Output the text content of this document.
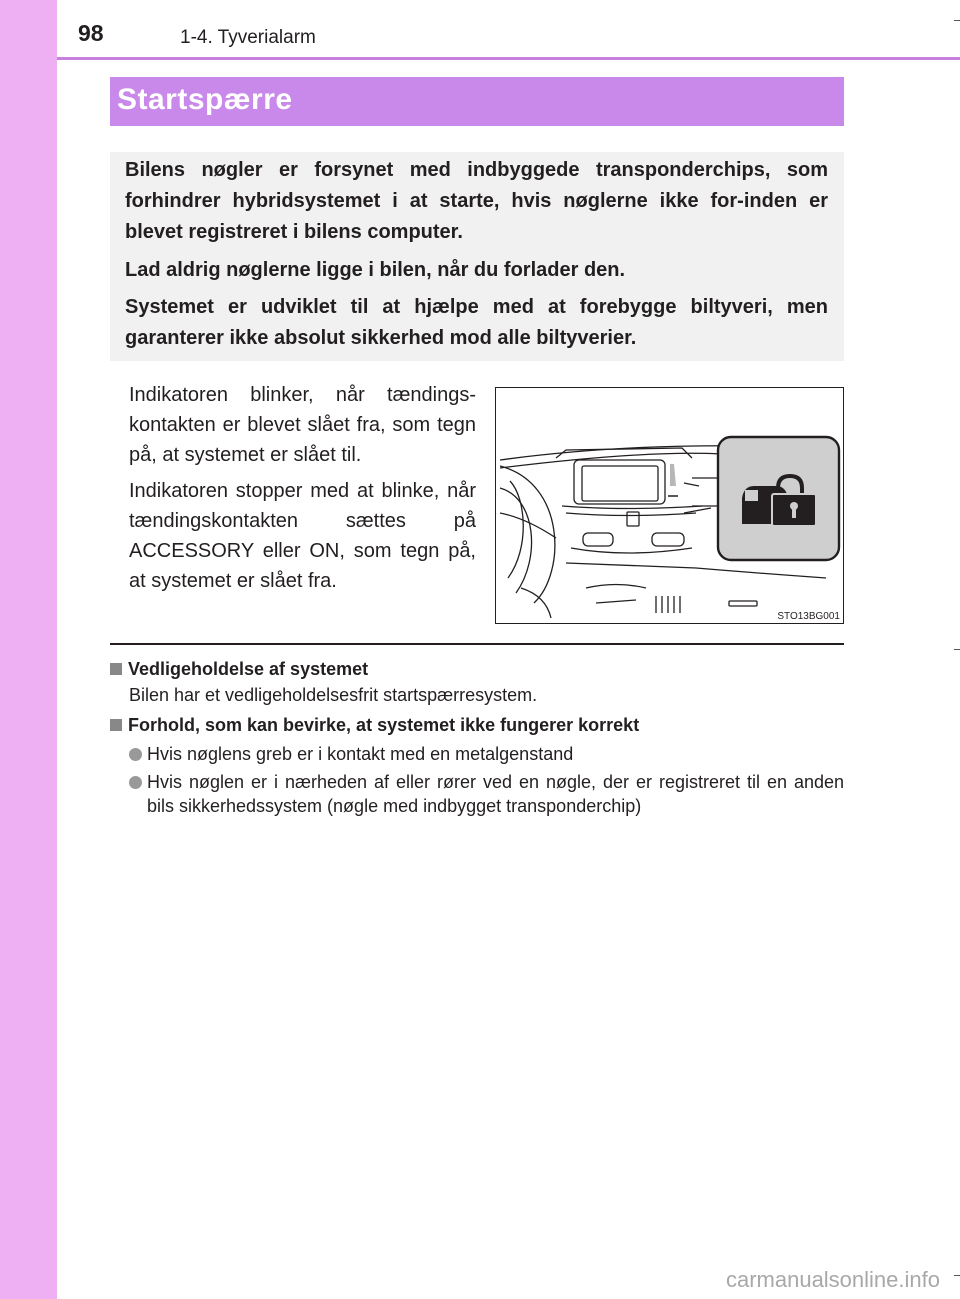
98	1-4. Tyverialarm
Startspærre

Bilens nøgler er forsynet med indbyggede transponderchips, som forhindrer hybridsystemet i at starte, hvis nøglerne ikke for-inden er blevet registreret i bilens computer.

Lad aldrig nøglerne ligge i bilen, når du forlader den.

Systemet er udviklet til at hjælpe med at forebygge biltyveri, men garanterer ikke absolut sikkerhed mod alle biltyverier.

Indikatoren blinker, når tændings-kontakten er blevet slået fra, som tegn på, at systemet er slået til.

Indikatoren stopper med at blinke, når tændingskontakten sættes på ACCESSORY eller ON, som tegn på, at systemet er slået fra.

STO13BG001
Vedligeholdelse af systemet
Bilen har et vedligeholdelsesfrit startspærresystem.
Forhold, som kan bevirke, at systemet ikke fungerer korrekt
Hvis nøglens greb er i kontakt med en metalgenstand
Hvis nøglen er i nærheden af eller rører ved en nøgle, der er registreret til en anden bils sikkerhedssystem (nøgle med indbygget transponderchip)
carmanualsonline.info
